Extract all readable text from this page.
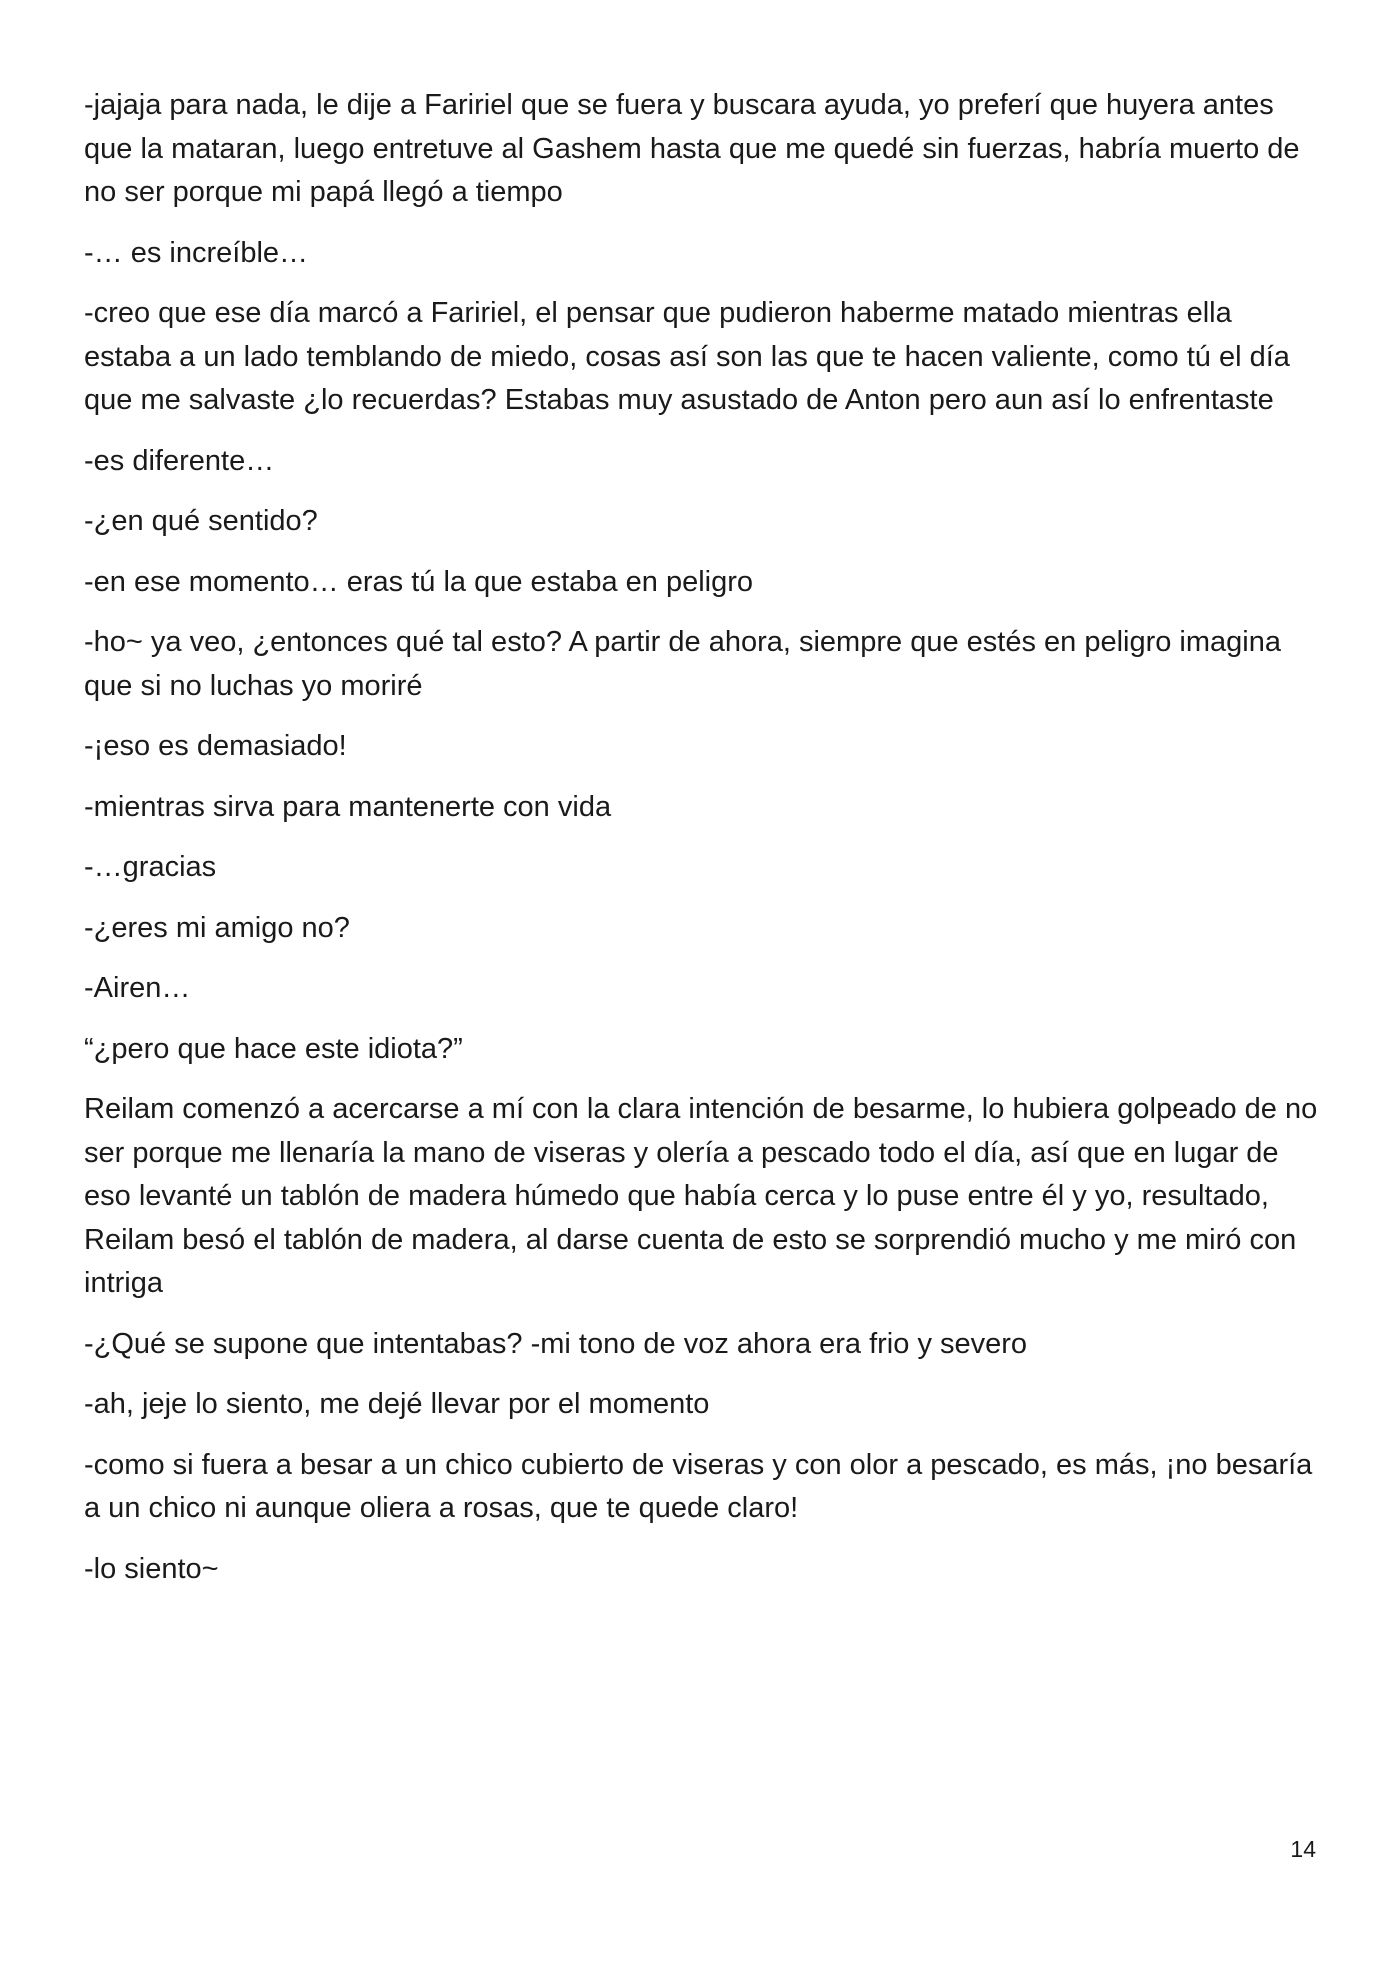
-jajaja para nada, le dije a Faririel que se fuera y buscara ayuda, yo preferí que huyera antes que la mataran, luego entretuve al Gashem hasta que me quedé sin fuerzas, habría muerto de no ser porque mi papá llegó a tiempo

-… es increíble…

-creo que ese día marcó a Faririel, el pensar que pudieron haberme matado mientras ella estaba a un lado temblando de miedo, cosas así son las que te hacen valiente, como tú el día que me salvaste ¿lo recuerdas? Estabas muy asustado de Anton pero aun así lo enfrentaste

-es diferente…

-¿en qué sentido?

-en ese momento… eras tú la que estaba en peligro

-ho~ ya veo, ¿entonces qué tal esto? A partir de ahora, siempre que estés en peligro imagina que si no luchas yo moriré

-¡eso es demasiado!

-mientras sirva para mantenerte con vida

-…gracias

-¿eres mi amigo no?

-Airen…

“¿pero que hace este idiota?”

Reilam comenzó a acercarse a mí con la clara intención de besarme, lo hubiera golpeado de no ser porque me llenaría la mano de viseras y olería a pescado todo el día, así que en lugar de eso levanté un tablón de madera húmedo que había cerca y lo puse entre él y yo, resultado, Reilam besó el tablón de madera, al darse cuenta de esto se sorprendió mucho y me miró con intriga

-¿Qué se supone que intentabas? -mi tono de voz ahora era frio y severo

-ah, jeje lo siento, me dejé llevar por el momento

-como si fuera a besar a un chico cubierto de viseras y con olor a pescado, es más, ¡no besaría a un chico ni aunque oliera a rosas, que te quede claro!

-lo siento~

14
